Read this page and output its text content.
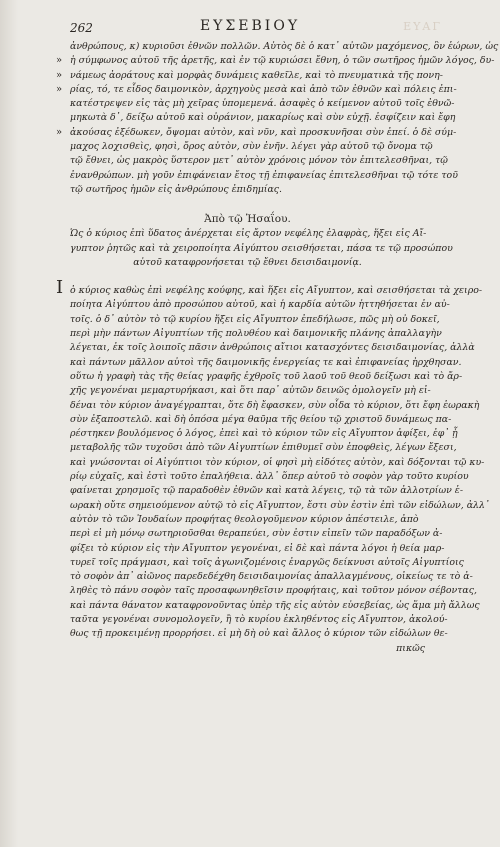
262	ΕΥΣΕΒΙΟΥ	ΕΥΑΓ
ἀνθρώπους, κ) κυριοῦσι ἐθνῶν πολλῶν. Αὐτὸς δὲ ὁ κατ᾽ αὐτῶν μαχόμενος, ὃν ἑώρων, ὡς
» ἡ σύμφωνος αὐτοῦ τῆς ἀρετῆς, καὶ ἐν τῷ κυριώσει ἔθνη, ὁ τῶν σωτῆρος ἡμῶν λόγος, δυ-
» νάμεως ἀοράτους καὶ μορφὰς δυνάμεις καθεῖλε, καὶ τὸ πνευματικὰ τῆς πονη-
» ρίας, τό, τε εἶδος δαιμονικὸν, ἀρχηγοὺς μεσὰ καὶ ἀπὸ τῶν ἐθνῶν καὶ πόλεις ἐπι-
κατέστρεψεν εἰς τὰς μὴ χεῖρας ὑπομεμενά. ἀσαφὲς ὁ κείμενον αὐτοῦ τοῖς ἐθνῶ-
μηκωτὰ δ᾽, δείξω αὐτοῦ καὶ οὐράνιον, μακαρίως καὶ σὺν εὐχῇ. ἐσφίζειν καὶ ἔφη
» ἀκούσας ἐξέδωκεν, ὄψομαι αὐτὸν, καὶ νῦν, καὶ προσκυνῆσαι σὺν ἐπεί. ὁ δὲ σύμ-
μαχος λοχισθεὶς, φησὶ, ὄρος αὐτὸν, σὺν ἐνῆν. λέγει γὰρ αὐτοῦ τῷ ὄνομα τῷ
τῷ ἔθνει, ὡς μακρὸς ὕστερον μετ᾽ αὐτὸν χρόνοις μόνον τὸν ἐπιτελεσθῆναι, τῷ
ἐνανθρώπων. μὴ γοῦν ἐπιφάνειαν ἔτος τῇ ἐπιφανείας ἐπιτελεσθῆναι τῷ τότε τοῦ
τῷ σωτῆρος ἡμῶν εἰς ἀνθρώπους ἐπιδημίας.
Ἀπὸ τῷ Ἡσαΐου.
Ὡς ὁ κύριος ἐπὶ ὕδατος ἀνέρχεται εἰς ἄρτον νεφέλης ἐλαφρὰς, ἥξει εἰς Αἴ-
γυπτον ῥητῶς καὶ τὰ χειροποίητα Αἰγύπτου σεισθήσεται, πάσα τε τῷ προσώπου
αὐτοῦ καταφρονήσεται τῷ ἔθνει δεισιδαιμονίᾳ.
I ὁ κύριος καθὼς ἐπὶ νεφέλης κούφης, καὶ ἥξει εἰς Αἴγυπτον, καὶ σεισθήσεται τὰ χειρο-
ποίητα Αἰγύπτου ἀπὸ προσώπου αὐτοῦ, καὶ ἡ καρδία αὐτῶν ἡττηθήσεται ἐν αὐ-
τοῖς. ὁ δ᾽ αὐτὸν τὸ τῷ κυρίου ἥξει εἰς Αἴγυπτον ἐπεδήλωσε, πῶς μὴ οὐ δοκεῖ,
περὶ μὴν πάντων Αἰγυπτίων τῆς πολυθέου καὶ δαιμονικῆς πλάνης ἀπαλλαγὴν
λέγεται, ἐκ τοῖς λοιποῖς πᾶσιν ἀνθρώποις αἴτιοι κατασχόντες δεισιδαιμονίας, ἀλλὰ
καὶ πάντων μᾶλλον αὐτοὶ τῆς δαιμονικῆς ἐνεργείας τε καὶ ἐπιφανείας ἠρχθησαν.
οὕτω ἡ γραφὴ τὰς τῆς θείας γραφῆς ἐχθροῖς τοῦ λαοῦ τοῦ θεοῦ δείξωσι καὶ τὸ ἄρ-
χῆς γεγονέναι μεμαρτυρήκασι, καὶ ὅτι παρ᾽ αὐτῶν δεινῶς ὁμολογεῖν μὴ εἰ-
δέναι τὸν κύριον ἀναγέγραπται, ὅτε δὴ ἔφασκεν, σὺν οἶδα τὸ κύριον, ὅτι ἔφη ἑωρακὴ
σὺν ἐξαποστελῶ. καὶ δὴ ὁπόσα μέγα θαῦμα τῆς θείου τῷ χριστοῦ δυνάμεως πα-
ρέστηκεν βουλόμενος ὁ λόγος, ἐπεὶ καὶ τὸ κύριον τῶν εἰς Αἴγυπτον ἀφίξει, ἐφ᾽ ᾗ
μεταβολῆς τῶν τυχοῦσι ἀπὸ τῶν Αἰγυπτίων ἐπιθυμεῖ σὺν ἐποφθεὶς, λέγων ἔξεσι,
καὶ γνώσονται οἱ Αἰγύπτιοι τὸν κύριον, οἱ φησὶ μὴ εἰδότες αὐτὸν, καὶ δόξονται τῷ κυ-
ρίῳ εὐχαῖς, καὶ ἐστὶ τοῦτο ἐπαλήθεια. ἀλλ᾽ ὅπερ αὐτοῦ τὸ σοφὸν γὰρ τοῦτο κυρίου
φαίνεται χρησμοῖς τῷ παραδοθὲν ἐθνῶν καὶ κατὰ λέγεις, τῷ τὰ τῶν ἀλλοτρίων ἑ-
ωρακὴ οὔτε σημειούμενον αὐτῷ τὸ εἰς Αἴγυπτον, ἔστι σὺν ἐστὶν ἐπὶ τῶν εἰδώλων, ἀλλ᾽
αὐτὸν τὸ τῶν Ἰουδαίων προφήτας θεολογοῦμενον κύριον ἀπέστειλε, ἀπὸ
περὶ εἰ μὴ μόνῳ σωτηριοῦσθαι θεραπεύει, σὺν ἐστιν εἰπεῖν τῶν παραδόξων ἀ-
φίξει τὸ κύριον εἰς τὴν Αἴγυπτον γεγονέναι, εἰ δὲ καὶ πάντα λόγοι ἡ θεία μαρ-
τυρεῖ τοῖς πράγμασι, καὶ τοῖς ἀγωνιζομένοις ἐναργῶς δείκνυσι αὐτοῖς Αἰγυπτίοις
τὸ σοφὸν ἀπ᾽ αἰῶνος παρεδεδέχθη δεισιδαιμονίας ἀπαλλαγμένους, οἰκείως τε τὸ ἀ-
ληθὲς τὸ πάνυ σοφὸν ταῖς προσαφωνηθεῖσιν προφήταις, καὶ τοῦτον μόνον σέβοντας,
καὶ πάντα θάνατον καταφρονοῦντας ὑπὲρ τῆς εἰς αὐτὸν εὐσεβείας, ὡς ἅμα μὴ ἄλλως
ταῦτα γεγονέναι συνομολογεῖν, ἢ τὸ κυρίου ἐκληθέντος εἰς Αἴγυπτον, ἀκολού-
θως τῇ προκειμένῃ προρρήσει. εἰ μὴ δὴ οὐ καὶ ἄλλος ὁ κύριον τῶν εἰδώλων θε-
πικῶς
